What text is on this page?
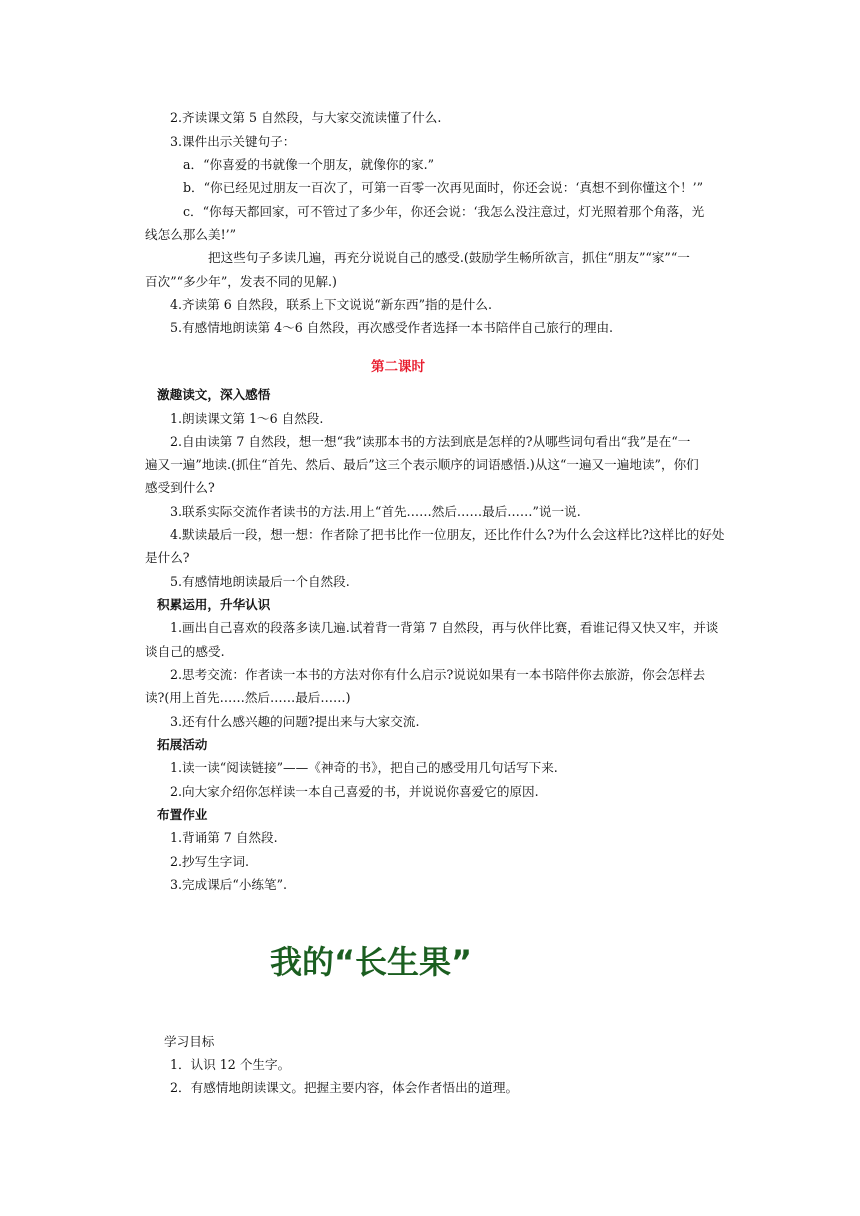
2.齐读课文第 5 自然段，与大家交流读懂了什么.
3.课件出示关键句子：
a．“你喜爱的书就像一个朋友，就像你的家.”
b．“你已经见过朋友一百次了，可第一百零一次再见面时，你还会说：‘真想不到你懂这个！’”
c．“你每天都回家，可不管过了多少年，你还会说：‘我怎么没注意过，灯光照着那个角落，光
线怎么那么美!’”
把这些句子多读几遍，再充分说说自己的感受.(鼓励学生畅所欲言，抓住“朋友”“家”“一
百次”“多少年”，发表不同的见解.)
4.齐读第 6 自然段，联系上下文说说“新东西”指的是什么.
5.有感情地朗读第 4～6 自然段，再次感受作者选择一本书陪伴自己旅行的理由.
第二课时
激趣读文，深入感悟
1.朗读课文第 1～6 自然段.
2.自由读第 7 自然段，想一想“我”读那本书的方法到底是怎样的?从哪些词句看出“我”是在“一
遍又一遍”地读.(抓住“首先、然后、最后”这三个表示顺序的词语感悟.)从这“一遍又一遍地读”，你们
感受到什么?
3.联系实际交流作者读书的方法.用上“首先……然后……最后……”说一说.
4.默读最后一段，想一想：作者除了把书比作一位朋友，还比作什么?为什么会这样比?这样比的好处
是什么?
5.有感情地朗读最后一个自然段.
积累运用，升华认识
1.画出自己喜欢的段落多读几遍.试着背一背第 7 自然段，再与伙伴比赛，看谁记得又快又牢，并谈
谈自己的感受.
2.思考交流：作者读一本书的方法对你有什么启示?说说如果有一本书陪伴你去旅游，你会怎样去
读?(用上首先……然后……最后……)
3.还有什么感兴趣的问题?提出来与大家交流.
拓展活动
1.读一读“阅读链接”——《神奇的书》，把自己的感受用几句话写下来.
2.向大家介绍你怎样读一本自己喜爱的书，并说说你喜爱它的原因.
布置作业
1.背诵第 7 自然段.
2.抄写生字词.
3.完成课后“小练笔”.
我的“长生果”
学习目标
1．认识 12 个生字。
2．有感情地朗读课文。把握主要内容，体会作者悟出的道理。
